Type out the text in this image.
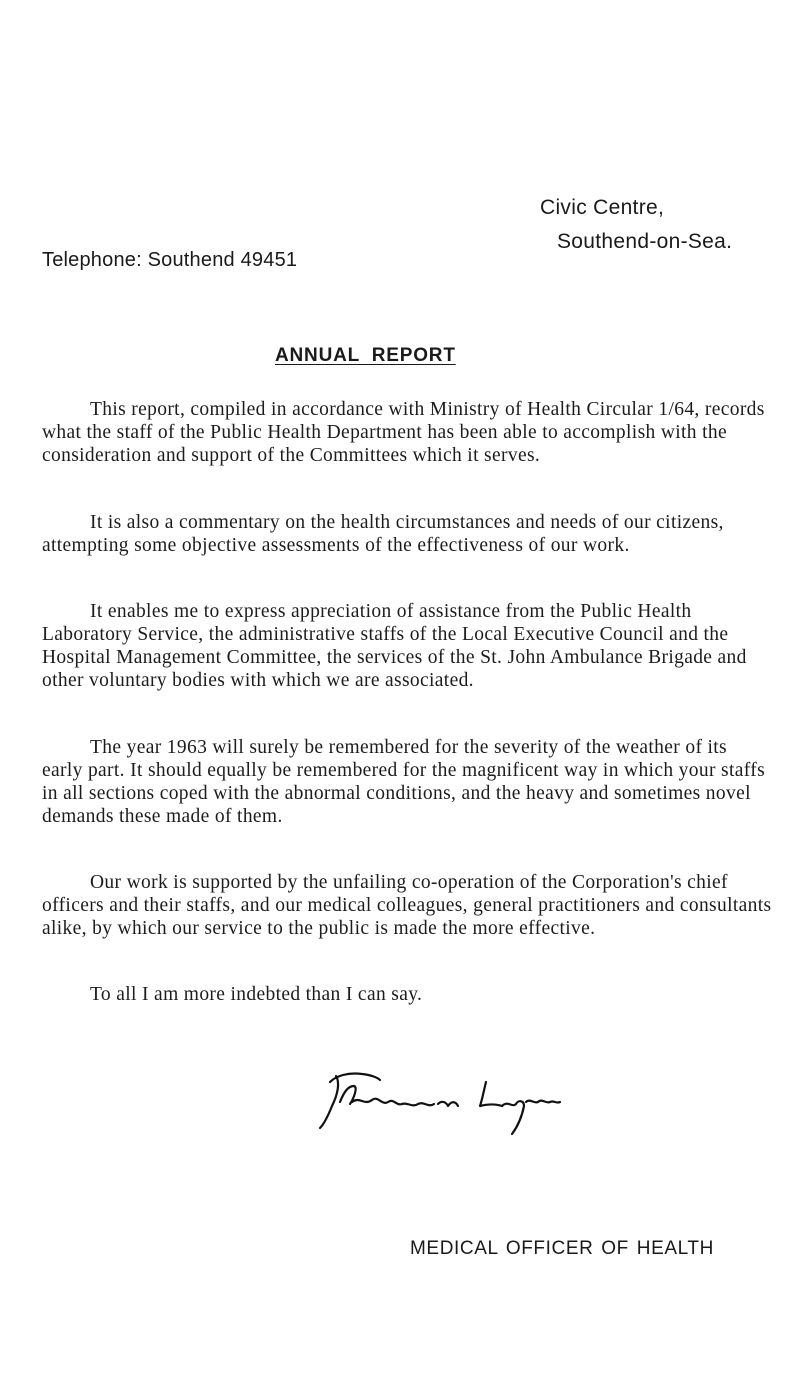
Civic Centre,
Southend-on-Sea.
Telephone: Southend 49451
ANNUAL REPORT

This report, compiled in accordance with Ministry of Health Circular 1/64, records what the staff of the Public Health Department has been able to accomplish with the consideration and support of the Committees which it serves.

It is also a commentary on the health circumstances and needs of our citizens, attempting some objective assessments of the effectiveness of our work.

It enables me to express appreciation of assistance from the Public Health Laboratory Service, the administrative staffs of the Local Executive Council and the Hospital Management Committee, the services of the St. John Ambulance Brigade and other voluntary bodies with which we are associated.

The year 1963 will surely be remembered for the severity of the weather of its early part. It should equally be remembered for the magnificent way in which your staffs in all sections coped with the abnormal conditions, and the heavy and sometimes novel demands these made of them.

Our work is supported by the unfailing co-operation of the Corporation's chief officers and their staffs, and our medical colleagues, general practitioners and consultants alike, by which our service to the public is made the more effective.

To all I am more indebted than I can say.

MEDICAL OFFICER OF HEALTH
